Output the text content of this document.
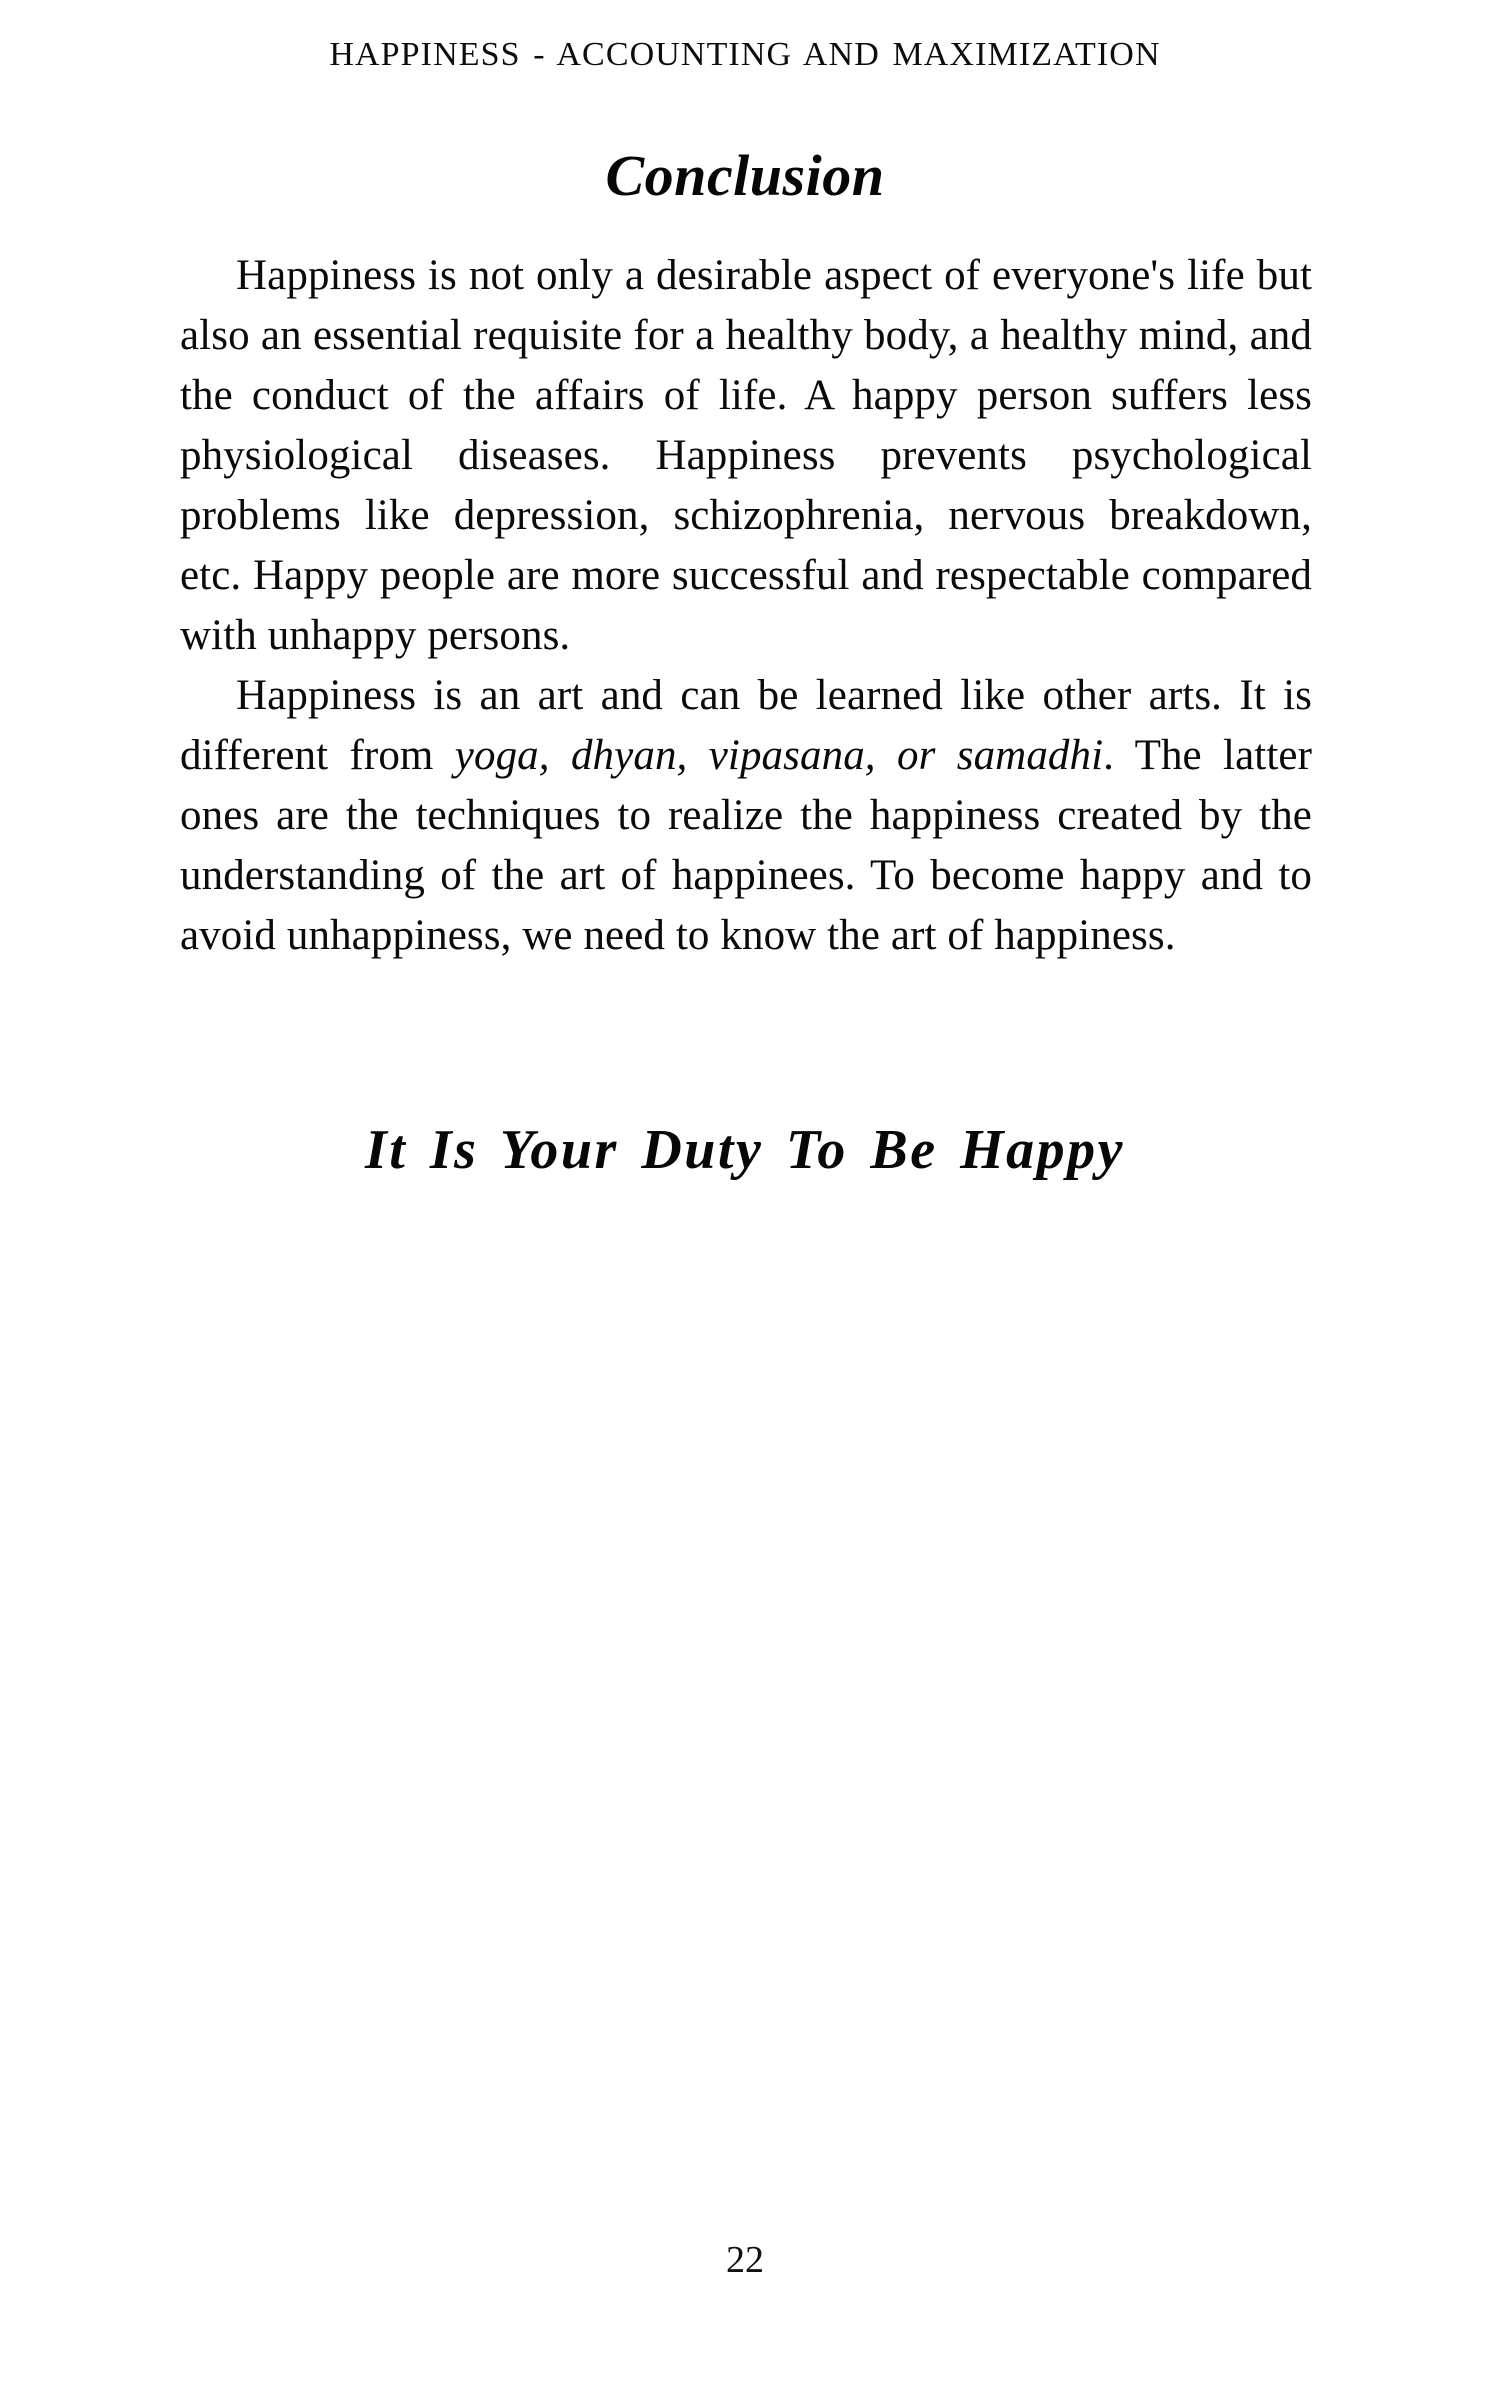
HAPPINESS - ACCOUNTING AND MAXIMIZATION
Conclusion

Happiness is not only a desirable aspect of everyone's life but also an essential requisite for a healthy body, a healthy mind, and the conduct of the affairs of life. A happy person suffers less physiological diseases. Happiness prevents psychological problems like depression, schizophrenia, nervous breakdown, etc. Happy people are more successful and respectable compared with unhappy persons.

Happiness is an art and can be learned like other arts. It is different from yoga, dhyan, vipasana, or samadhi. The latter ones are the techniques to realize the happiness created by the understanding of the art of happinees. To become happy and to avoid unhappiness, we need to know the art of happiness.

It Is Your Duty To Be Happy
22
